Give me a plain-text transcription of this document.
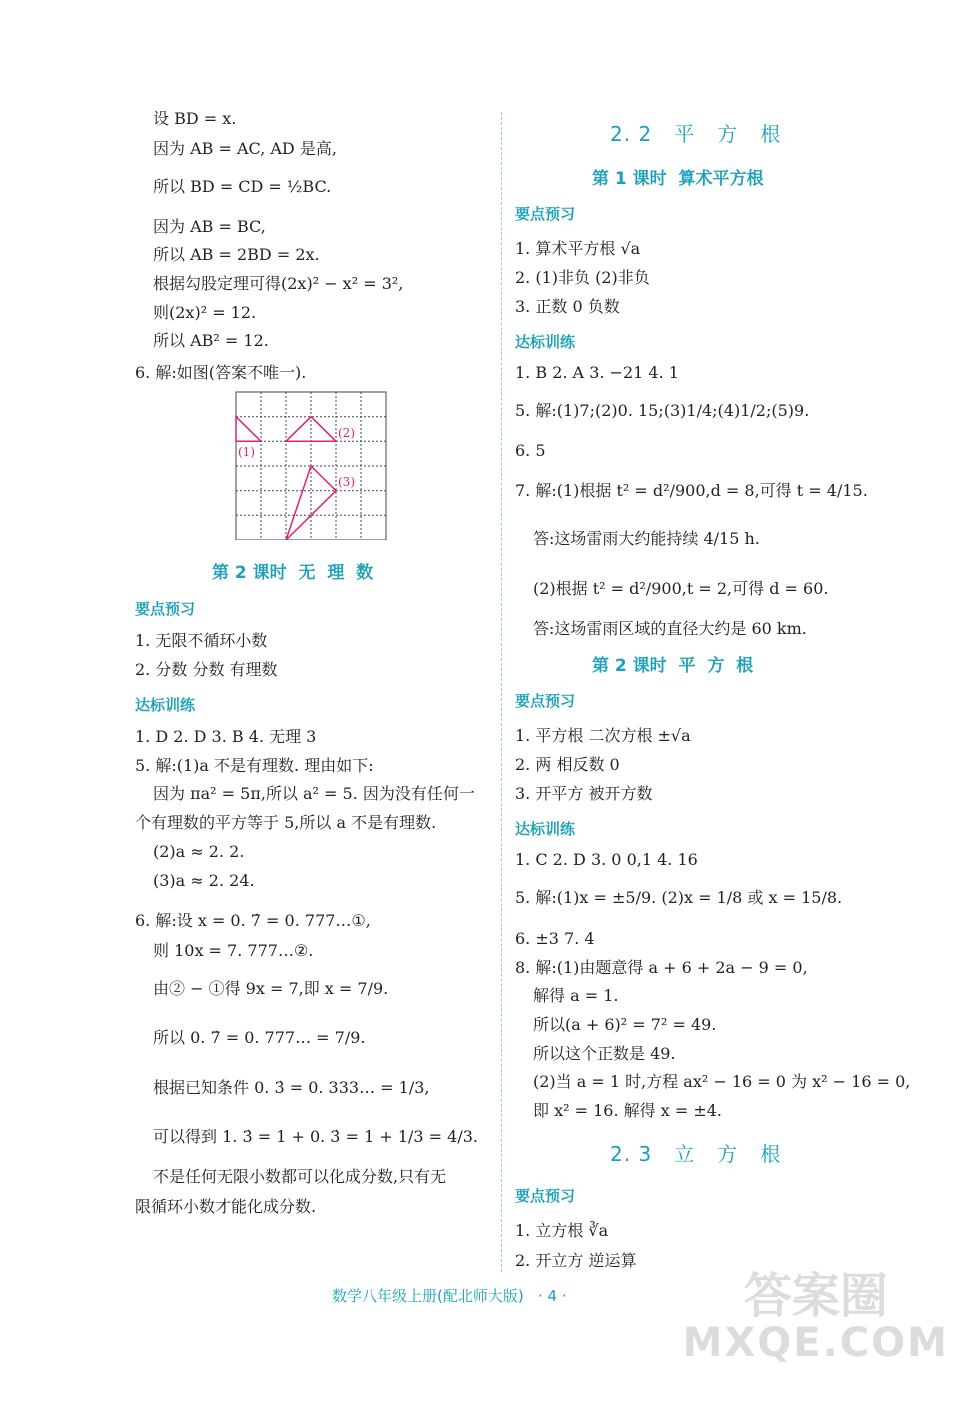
设 BD = x.
因为 AB = AC, AD 是高,
所以 BD = CD = ½BC.
因为 AB = BC,
所以 AB = 2BD = 2x.
根据勾股定理可得(2x)² − x² = 3²,
则(2x)² = 12.
所以 AB² = 12.
6. 解:如图(答案不唯一).
(1)
(2)
(3)
第 2 课时  无  理  数
要点预习
1. 无限不循环小数
2. 分数 分数 有理数
达标训练
1. D 2. D 3. B 4. 无理 3
5. 解:(1)a 不是有理数. 理由如下:
因为 πa² = 5π,所以 a² = 5. 因为没有任何一
个有理数的平方等于 5,所以 a 不是有理数.
(2)a ≈ 2. 2.
(3)a ≈ 2. 24.
6. 解:设 x = 0. 7̇ = 0. 777…①,
则 10x = 7. 777…②.
由② − ①得 9x = 7,即 x = 7/9.
所以 0. 7̇ = 0. 777… = 7/9.
根据已知条件 0. 3̇ = 0. 333… = 1/3,
可以得到 1. 3̇ = 1 + 0. 3̇ = 1 + 1/3 = 4/3.
不是任何无限小数都可以化成分数,只有无
限循环小数才能化成分数.
2. 2   平   方   根
第 1 课时  算术平方根
要点预习
1. 算术平方根 √a
2. (1)非负 (2)非负
3. 正数 0 负数
达标训练
1. B 2. A 3. −21 4. 1
5. 解:(1)7;(2)0. 15;(3)1/4;(4)1/2;(5)9.
6. 5
7. 解:(1)根据 t² = d²/900,d = 8,可得 t = 4/15.
答:这场雷雨大约能持续 4/15 h.
(2)根据 t² = d²/900,t = 2,可得 d = 60.
答:这场雷雨区域的直径大约是 60 km.
第 2 课时  平  方  根
要点预习
1. 平方根 二次方根 ±√a
2. 两 相反数 0
3. 开平方 被开方数
达标训练
1. C 2. D 3. 0 0,1 4. 16
5. 解:(1)x = ±5/9. (2)x = 1/8 或 x = 15/8.
6. ±3 7. 4
8. 解:(1)由题意得 a + 6 + 2a − 9 = 0,
解得 a = 1.
所以(a + 6)² = 7² = 49.
所以这个正数是 49.
(2)当 a = 1 时,方程 ax² − 16 = 0 为 x² − 16 = 0,
即 x² = 16. 解得 x = ±4.
2. 3   立   方   根
要点预习
1. 立方根 ∛a
2. 开立方 逆运算
数学八年级上册(配北师大版)   · 4 ·	答案圈
MXQE.COM
